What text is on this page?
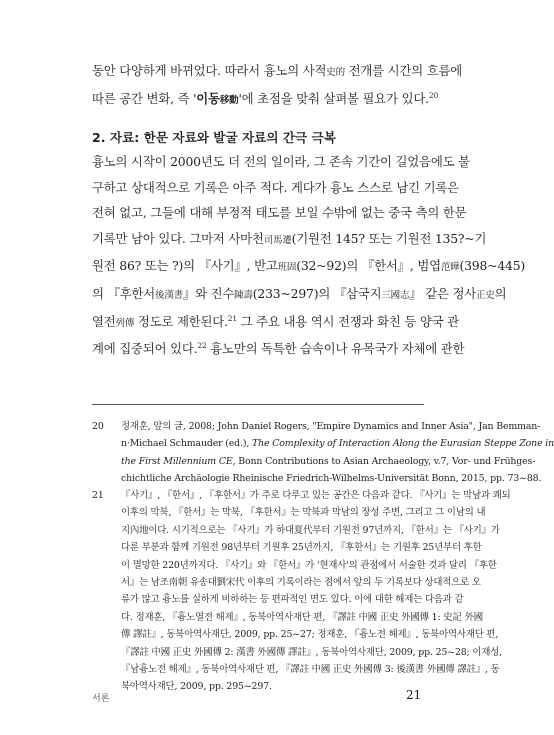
동안 다양하게 바뀌었다. 따라서 흉노의 사적史的 전개를 시간의 흐름에
따른 공간 변화, 즉 '이동移動'에 초점을 맞춰 살펴볼 필요가 있다.$^{20}$
2. 자료: 한문 자료와 발굴 자료의 간극 극복
흉노의 시작이 2000년도 더 전의 일이라, 그 존속 기간이 길었음에도 불
구하고 상대적으로 기록은 아주 적다. 게다가 흉노 스스로 남긴 기록은
전혀 없고, 그들에 대해 부정적 태도를 보일 수밖에 없는 중국 측의 한문
기록만 남아 있다. 그마저 사마천司馬遷(기원전 145? 또는 기원전 135?~기
원전 86? 또는 ?)의 『사기』, 반고班固(32~92)의 『한서』, 범엽范曄(398~445)
의 『후한서後漢書』와 진수陳壽(233~297)의 『삼국지三國志』 같은 정사正史의
열전列傳 정도로 제한된다.$^{21}$ 그 주요 내용 역시 전쟁과 화친 등 양국 관
계에 집중되어 있다.$^{22}$ 흉노만의 독특한 습속이나 유목국가 자체에 관한
20	정재훈, 앞의 글, 2008; John Daniel Rogers, "Empire Dynamics and Inner Asia", Jan Bemman-
n·Michael Schmauder (ed.), The Complexity of Interaction Along the Eurasian Steppe Zone in
the First Millennium CE, Bonn Contributions to Asian Archaeology, v.7, Vor- und Frühges-
chichtliche Archäologie Rheinische Friedrich-Wilhelms-Universität Bonn, 2015, pp. 73~88.
21	『사기』, 『한서』, 『후한서』가 주로 다루고 있는 공간은 다음과 같다. 『사기』는 막남과 쾌되
이후의 막북, 『한서』는 막북, 『후한서』는 막북과 막남의 장성 주변, 그리고 그 이남의 내
지內地이다. 시기적으로는 『사기』가 하대夏代부터 기원전 97년까지, 『한서』는 『사기』가
다룬 부분과 함께 기원전 98년부터 기원후 25년까지, 『후한서』는 기원후 25년부터 후한
이 멸망한 220년까지다. 『사기』와 『한서』가 '현재사'의 관점에서 서술한 것과 달리 『후한
서』는 남조南朝 유송대劉宋代 이후의 기록이라는 점에서 앞의 두 기록보다 상대적으로 오
류가 많고 흉노를 실하게 비하하는 등 편파적인 면도 있다. 이에 대한 해제는 다음과 같
다. 정재훈, 『흉노열전 해제』, 동북아역사재단 편, 『譯註 中國 正史 外國傳 1: 史記 外國
傳 譯註』, 동북아역사재단, 2009, pp. 25~27; 정재훈, 『흉노전 해제』, 동북아역사재단 편,
『譯註 中國 正史 外國傳 2: 漢書 外國傳 譯註』, 동북아역사재단, 2009, pp. 25~28; 이재성,
『남흉노전 해제』, 동북아역사재단 편, 『譯註 中國 正史 外國傳 3: 後漢書 外國傳 譯註』, 동
북아역사재단, 2009, pp. 295~297.
서론	21
